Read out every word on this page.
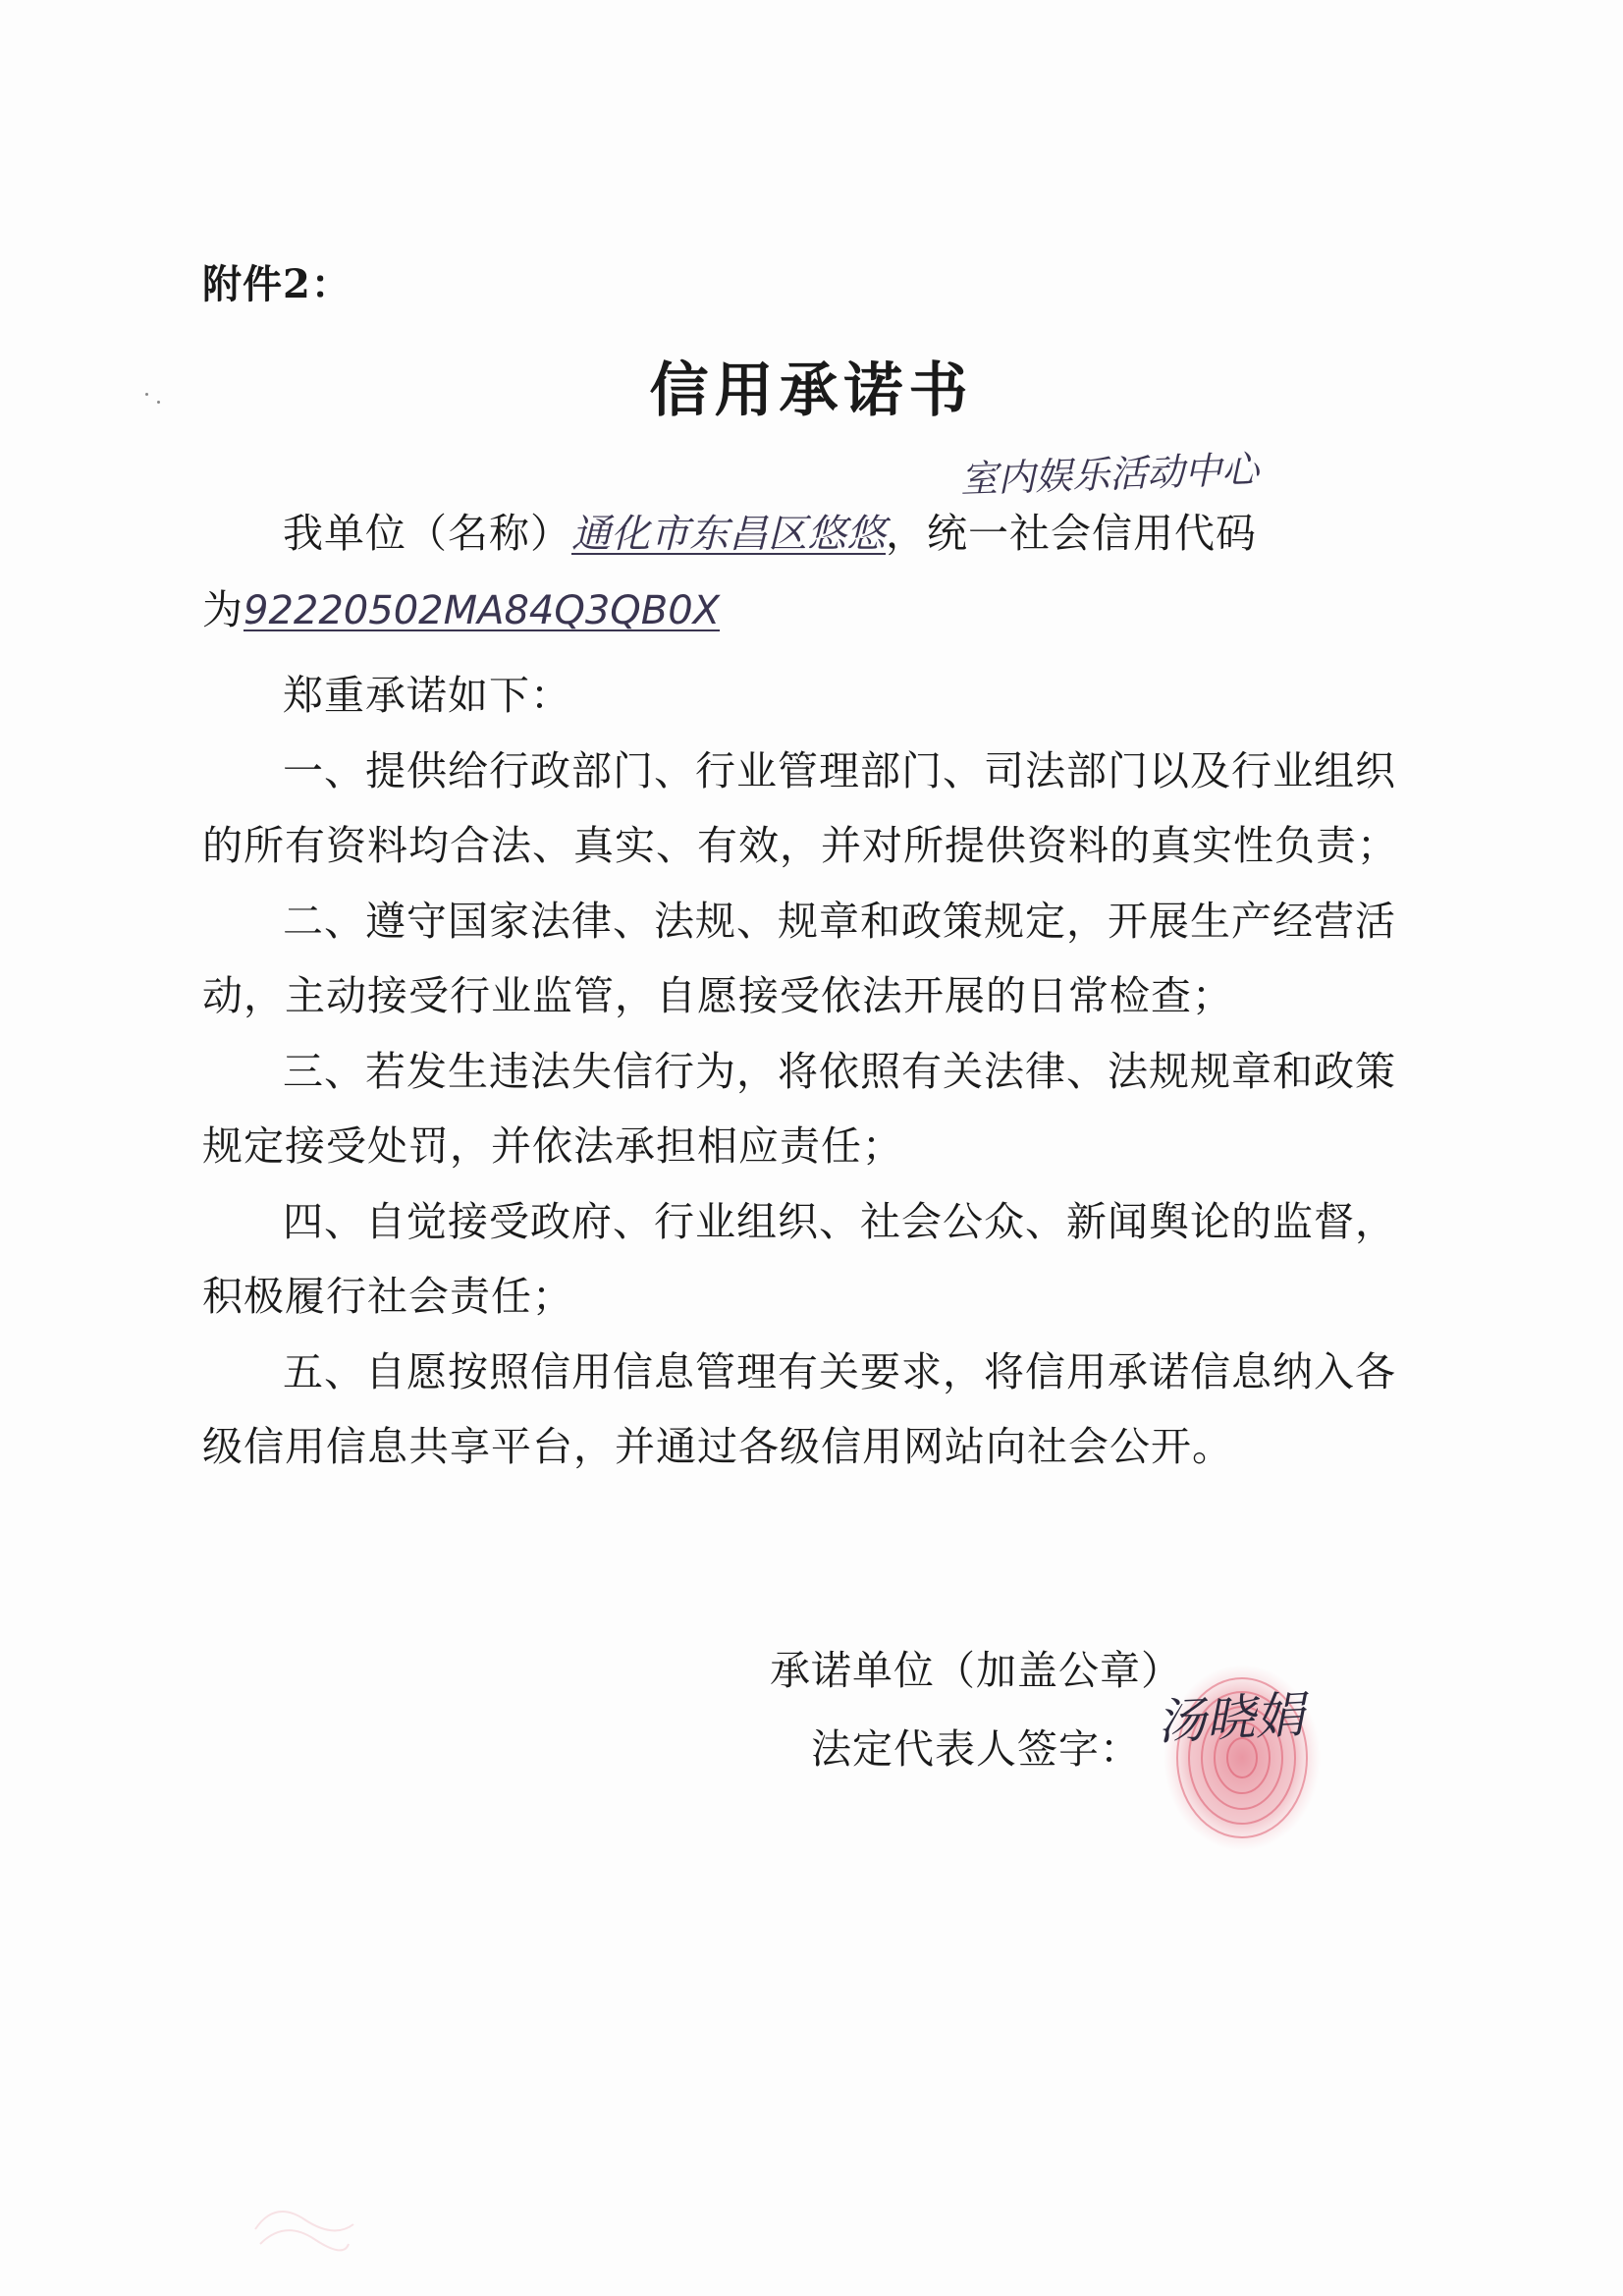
附件2：
信用承诺书
室内娱乐活动中心
我单位（名称）通化市东昌区悠悠，统一社会信用代码
为92220502MA84Q3QB0X
郑重承诺如下：
一、提供给行政部门、行业管理部门、司法部门以及行业组织
的所有资料均合法、真实、有效，并对所提供资料的真实性负责；
二、遵守国家法律、法规、规章和政策规定，开展生产经营活
动，主动接受行业监管，自愿接受依法开展的日常检查；
三、若发生违法失信行为，将依照有关法律、法规规章和政策
规定接受处罚，并依法承担相应责任；
四、自觉接受政府、行业组织、社会公众、新闻舆论的监督，
积极履行社会责任；
五、自愿按照信用信息管理有关要求，将信用承诺信息纳入各
级信用信息共享平台，并通过各级信用网站向社会公开。
承诺单位（加盖公章）
法定代表人签字： 汤晓娟
